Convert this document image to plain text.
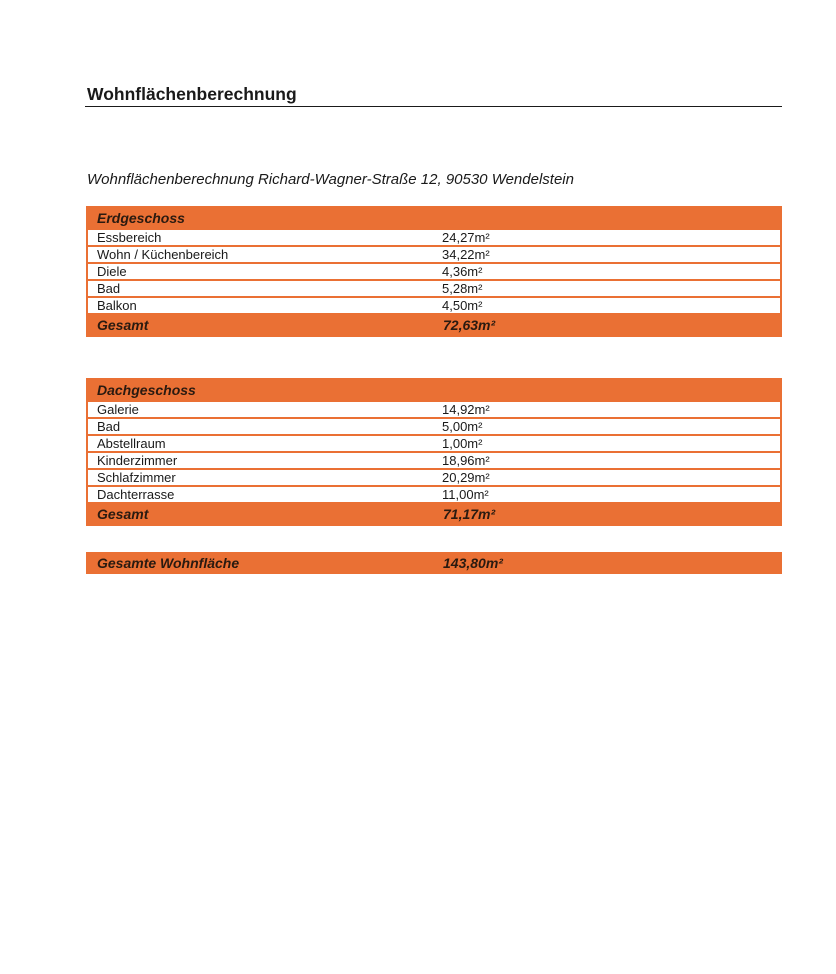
Wohnflächenberechnung

Wohnflächenberechnung Richard-Wagner-Straße 12, 90530 Wendelstein

Erdgeschoss	
Essbereich	24,27m²
Wohn / Küchenbereich	34,22m²
Diele	4,36m²
Bad	5,28m²
Balkon	4,50m²
Gesamt	72,63m²
Dachgeschoss	
Galerie	14,92m²
Bad	5,00m²
Abstellraum	1,00m²
Kinderzimmer	18,96m²
Schlafzimmer	20,29m²
Dachterrasse	11,00m²
Gesamt	71,17m²
Gesamte Wohnfläche	143,80m²
